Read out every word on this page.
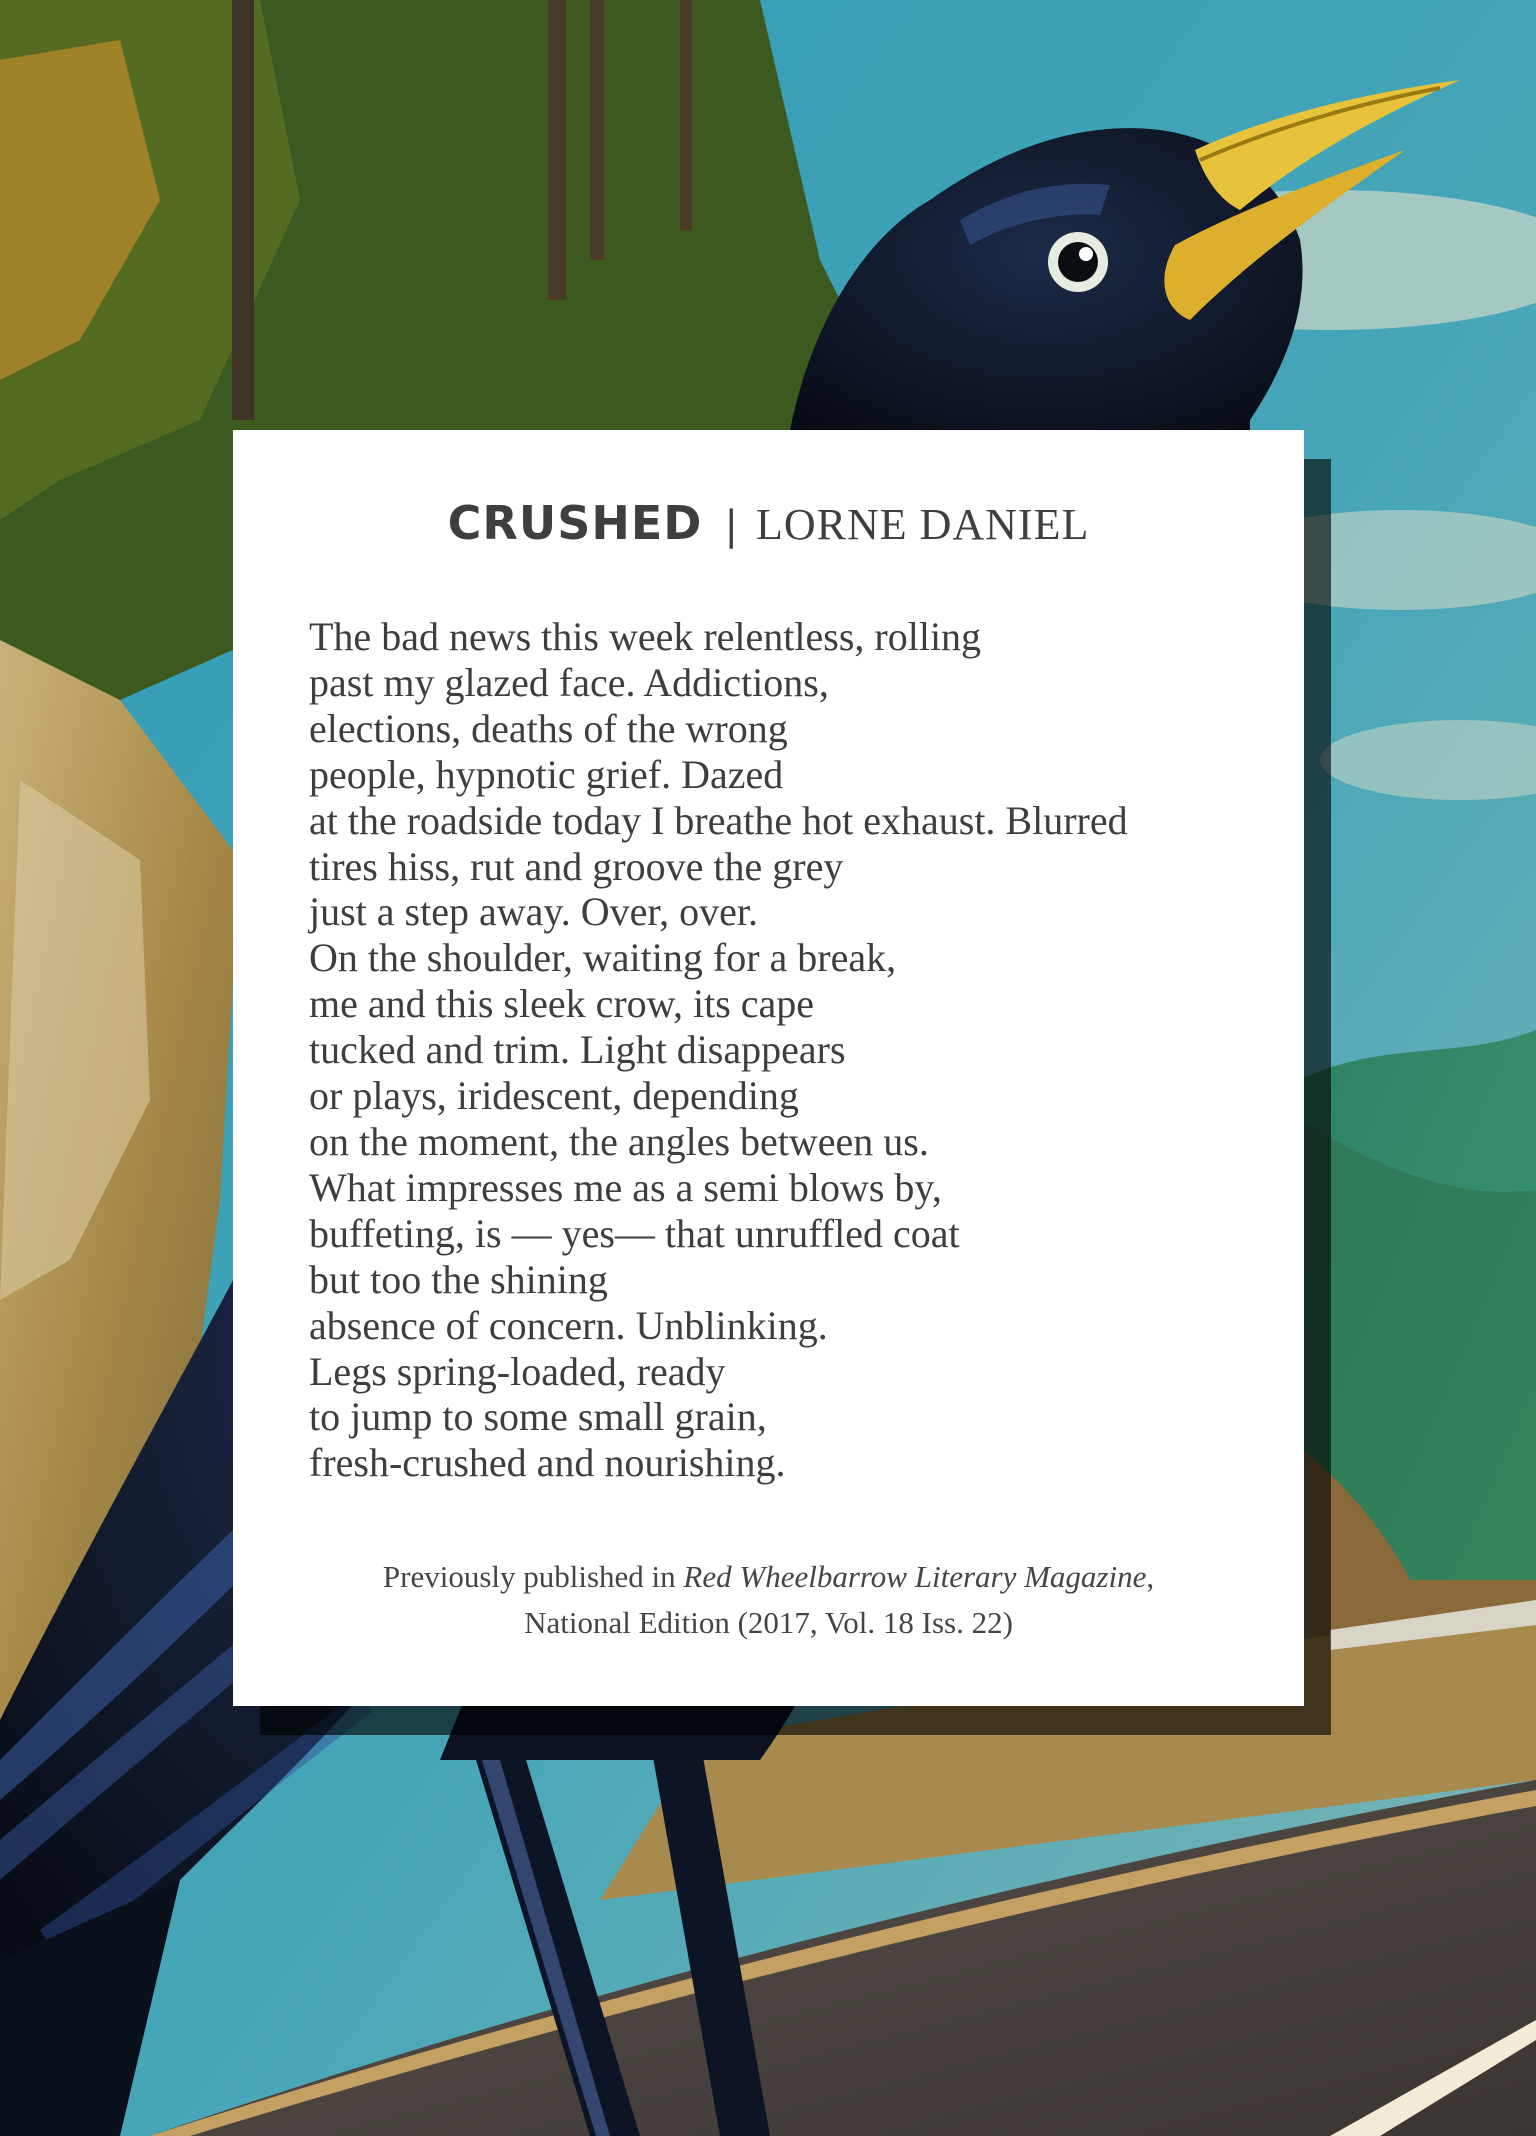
CRUSHED | LORNE DANIEL
The bad news this week relentless, rolling
past my glazed face. Addictions,
elections, deaths of the wrong
people, hypnotic grief. Dazed
at the roadside today I breathe hot exhaust. Blurred
tires hiss, rut and groove the grey
just a step away. Over, over.
On the shoulder, waiting for a break,
me and this sleek crow, its cape
tucked and trim. Light disappears
or plays, iridescent, depending
on the moment, the angles between us.
What impresses me as a semi blows by,
buffeting, is — yes— that unruffled coat
but too the shining
absence of concern. Unblinking.
Legs spring-loaded, ready
to jump to some small grain,
fresh-crushed and nourishing.
Previously published in Red Wheelbarrow Literary Magazine,
National Edition (2017, Vol. 18 Iss. 22)
